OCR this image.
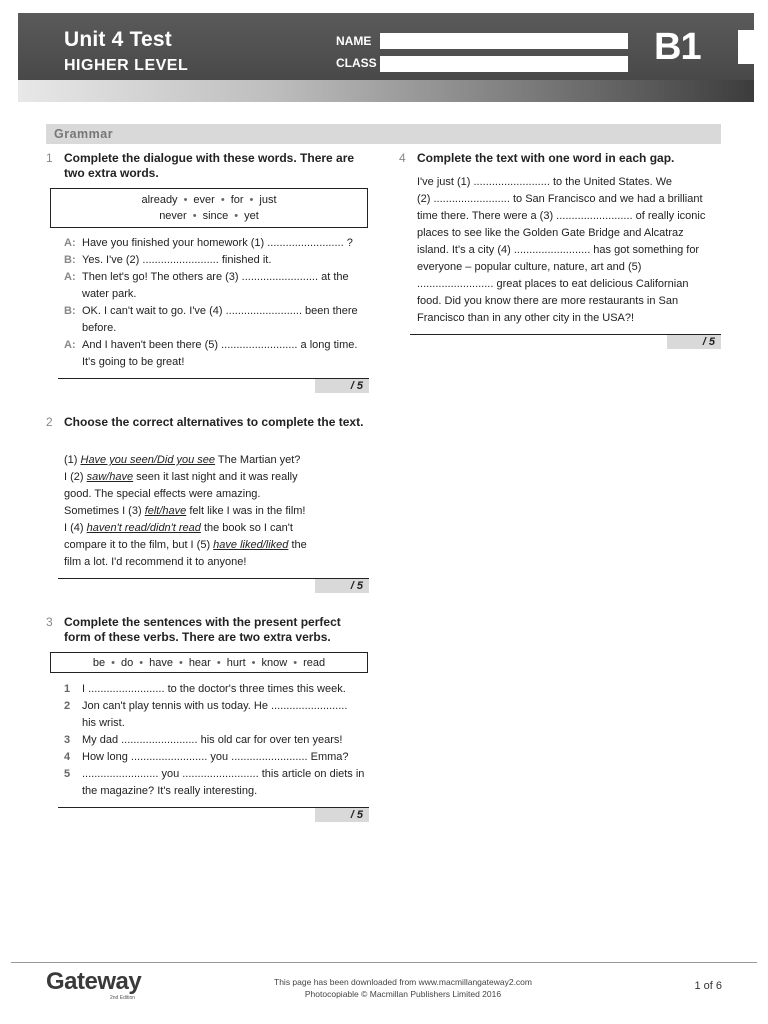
Unit 4 Test
HIGHER LEVEL
NAME
CLASS	B1
Grammar
1 Complete the dialogue with these words. There are two extra words.
already • ever • for • just
never • since • yet
A: Have you finished your homework (1) ......................... ?
B: Yes. I've (2) ......................... finished it.
A: Then let's go! The others are (3) ......................... at the
water park.
B: OK. I can't wait to go. I've (4) ......................... been there
before.
A: And I haven't been there (5) ......................... a long time.
It's going to be great!
/ 5
2 Choose the correct alternatives to complete the text.
(1) Have you seen/Did you see The Martian yet?
I (2) saw/have seen it last night and it was really
good. The special effects were amazing.
Sometimes I (3) felt/have felt like I was in the film!
I (4) haven't read/didn't read the book so I can't
compare it to the film, but I (5) have liked/liked the
film a lot. I'd recommend it to anyone!
/ 5
3 Complete the sentences with the present perfect form of these verbs. There are two extra verbs.
be • do • have • hear • hurt • know • read
1 I ......................... to the doctor's three times this week.
2 Jon can't play tennis with us today. He .........................
his wrist.
3 My dad ......................... his old car for over ten years!
4 How long ......................... you ......................... Emma?
5 ......................... you ......................... this article on diets in
the magazine? It's really interesting.
/ 5
4 Complete the text with one word in each gap.
I've just (1) ......................... to the United States. We
(2) ......................... to San Francisco and we had a brilliant
time there. There were a (3) ......................... of really iconic
places to see like the Golden Gate Bridge and Alcatraz
island. It's a city (4) ......................... has got something for
everyone – popular culture, nature, art and (5)
......................... great places to eat delicious Californian
food. Did you know there are more restaurants in San
Francisco than in any other city in the USA?!
/ 5
Gateway
2nd Edition
This page has been downloaded from www.macmillangateway2.com
Photocopiable © Macmillan Publishers Limited 2016
1 of 6
